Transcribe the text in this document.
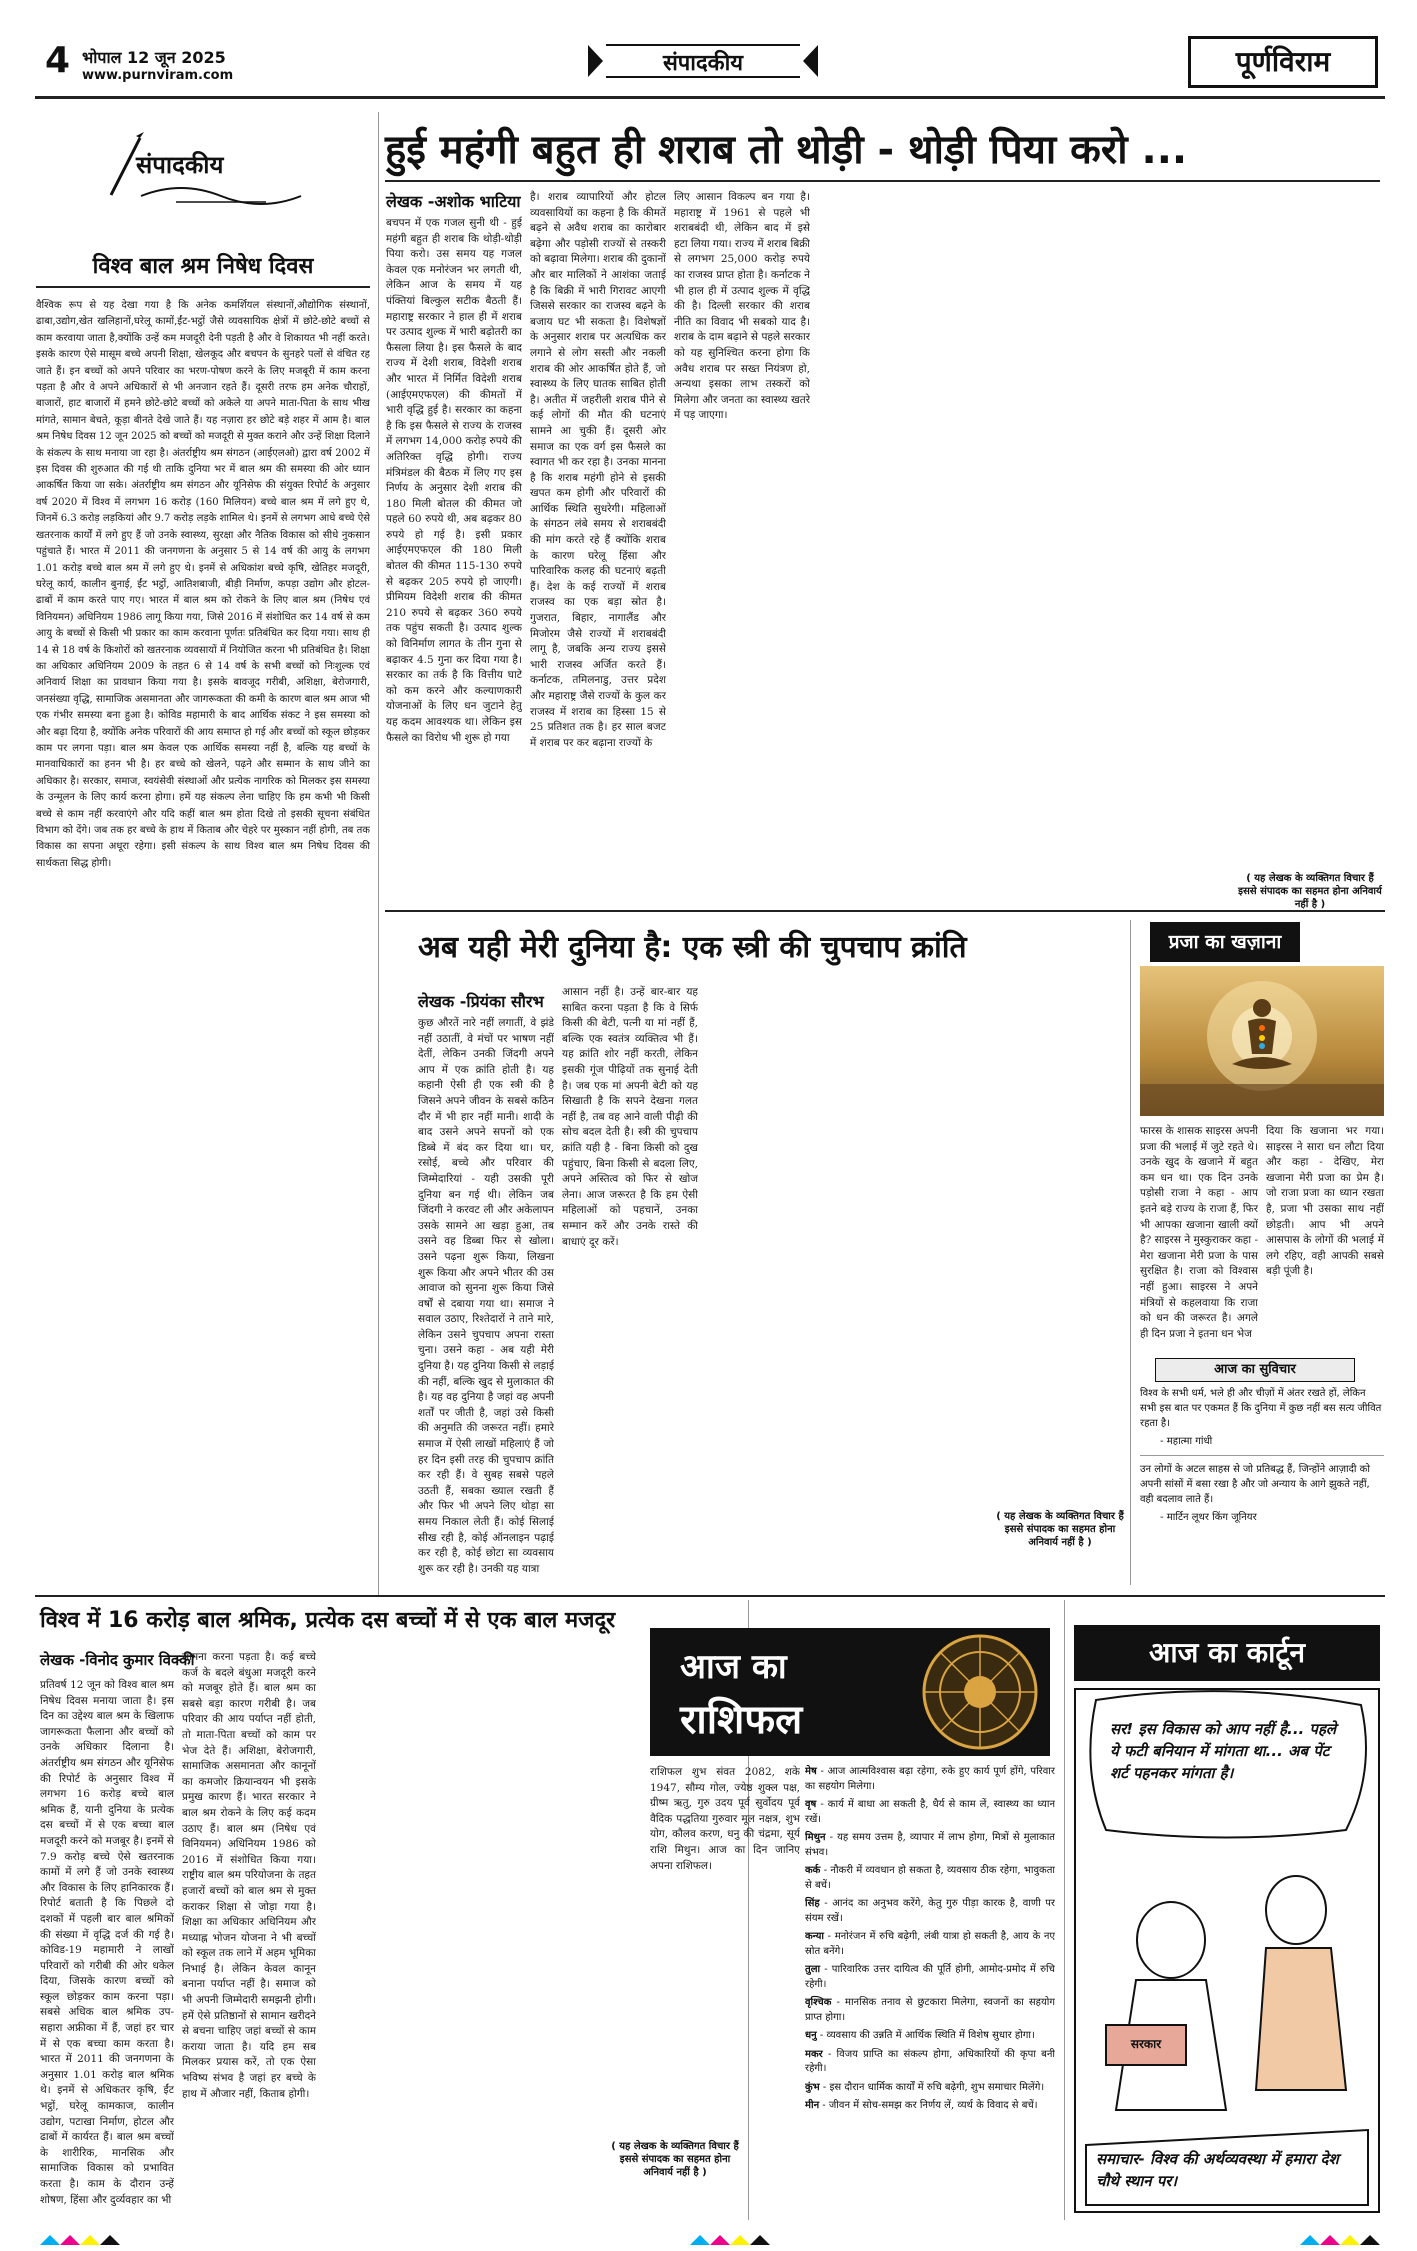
4 भोपाल 12 जून 2025
www.purnviram.com	संपादकीय	पूर्णविराम
संपादकीय
विश्व बाल श्रम निषेध दिवस
वैश्विक रूप से यह देखा गया है कि अनेक कमर्शियल संस्थानों,औद्योगिक संस्थानों, ढाबा,उद्योग,खेत खलिहानों,घरेलू कामों,ईंट-भट्ठों जैसे व्यवसायिक क्षेत्रों में छोटे-छोटे बच्चों से काम करवाया जाता है,क्योंकि उन्हें कम मजदूरी देनी पड़ती है और वे शिकायत भी नहीं करते। इसके कारण ऐसे मासूम बच्चे अपनी शिक्षा, खेलकूद और बचपन के सुनहरे पलों से वंचित रह जाते हैं। इन बच्चों को अपने परिवार का भरण-पोषण करने के लिए मजबूरी में काम करना पड़ता है और वे अपने अधिकारों से भी अनजान रहते हैं। दूसरी तरफ हम अनेक चौराहों, बाजारों, हाट बाजारों में हमने छोटे-छोटे बच्चों को अकेले या अपने माता-पिता के साथ भीख मांगते, सामान बेचते, कूड़ा बीनते देखे जाते हैं। यह नज़ारा हर छोटे बड़े शहर में आम है। बाल श्रम निषेध दिवस 12 जून 2025 को बच्चों को मजदूरी से मुक्त कराने और उन्हें शिक्षा दिलाने के संकल्प के साथ मनाया जा रहा है। अंतर्राष्ट्रीय श्रम संगठन (आईएलओ) द्वारा वर्ष 2002 में इस दिवस की शुरुआत की गई थी ताकि दुनिया भर में बाल श्रम की समस्या की ओर ध्यान आकर्षित किया जा सके। अंतर्राष्ट्रीय श्रम संगठन और यूनिसेफ की संयुक्त रिपोर्ट के अनुसार वर्ष 2020 में विश्व में लगभग 16 करोड़ (160 मिलियन) बच्चे बाल श्रम में लगे हुए थे, जिनमें 6.3 करोड़ लड़कियां और 9.7 करोड़ लड़के शामिल थे। इनमें से लगभग आधे बच्चे ऐसे खतरनाक कार्यों में लगे हुए हैं जो उनके स्वास्थ्य, सुरक्षा और नैतिक विकास को सीधे नुकसान पहुंचाते हैं। भारत में 2011 की जनगणना के अनुसार 5 से 14 वर्ष की आयु के लगभग 1.01 करोड़ बच्चे बाल श्रम में लगे हुए थे। इनमें से अधिकांश बच्चे कृषि, खेतिहर मजदूरी, घरेलू कार्य, कालीन बुनाई, ईंट भट्ठों, आतिशबाजी, बीड़ी निर्माण, कपड़ा उद्योग और होटल-ढाबों में काम करते पाए गए। भारत में बाल श्रम को रोकने के लिए बाल श्रम (निषेध एवं विनियमन) अधिनियम 1986 लागू किया गया, जिसे 2016 में संशोधित कर 14 वर्ष से कम आयु के बच्चों से किसी भी प्रकार का काम करवाना पूर्णतः प्रतिबंधित कर दिया गया। साथ ही 14 से 18 वर्ष के किशोरों को खतरनाक व्यवसायों में नियोजित करना भी प्रतिबंधित है। शिक्षा का अधिकार अधिनियम 2009 के तहत 6 से 14 वर्ष के सभी बच्चों को निःशुल्क एवं अनिवार्य शिक्षा का प्रावधान किया गया है। इसके बावजूद गरीबी, अशिक्षा, बेरोजगारी, जनसंख्या वृद्धि, सामाजिक असमानता और जागरूकता की कमी के कारण बाल श्रम आज भी एक गंभीर समस्या बना हुआ है। कोविड महामारी के बाद आर्थिक संकट ने इस समस्या को और बढ़ा दिया है, क्योंकि अनेक परिवारों की आय समाप्त हो गई और बच्चों को स्कूल छोड़कर काम पर लगना पड़ा। बाल श्रम केवल एक आर्थिक समस्या नहीं है, बल्कि यह बच्चों के मानवाधिकारों का हनन भी है। हर बच्चे को खेलने, पढ़ने और सम्मान के साथ जीने का अधिकार है। सरकार, समाज, स्वयंसेवी संस्थाओं और प्रत्येक नागरिक को मिलकर इस समस्या के उन्मूलन के लिए कार्य करना होगा। हमें यह संकल्प लेना चाहिए कि हम कभी भी किसी बच्चे से काम नहीं करवाएंगे और यदि कहीं बाल श्रम होता दिखे तो इसकी सूचना संबंधित विभाग को देंगे। जब तक हर बच्चे के हाथ में किताब और चेहरे पर मुस्कान नहीं होगी, तब तक विकास का सपना अधूरा रहेगा। इसी संकल्प के साथ विश्व बाल श्रम निषेध दिवस की सार्थकता सिद्ध होगी।
हुई महंगी बहुत ही शराब तो थोड़ी - थोड़ी पिया करो ...
लेखक -अशोक भाटिया
बचपन में एक गजल सुनी थी - हुई महंगी बहुत ही शराब कि थोड़ी-थोड़ी पिया करो। उस समय यह गजल केवल एक मनोरंजन भर लगती थी, लेकिन आज के समय में यह पंक्तियां बिल्कुल सटीक बैठती हैं। महाराष्ट्र सरकार ने हाल ही में शराब पर उत्पाद शुल्क में भारी बढ़ोतरी का फैसला लिया है। इस फैसले के बाद राज्य में देशी शराब, विदेशी शराब और भारत में निर्मित विदेशी शराब (आईएमएफएल) की कीमतों में भारी वृद्धि हुई है। सरकार का कहना है कि इस फैसले से राज्य के राजस्व में लगभग 14,000 करोड़ रुपये की अतिरिक्त वृद्धि होगी। राज्य मंत्रिमंडल की बैठक में लिए गए इस निर्णय के अनुसार देशी शराब की 180 मिली बोतल की कीमत जो पहले 60 रुपये थी, अब बढ़कर 80 रुपये हो गई है। इसी प्रकार आईएमएफएल की 180 मिली बोतल की कीमत 115-130 रुपये से बढ़कर 205 रुपये हो जाएगी। प्रीमियम विदेशी शराब की कीमत 210 रुपये से बढ़कर 360 रुपये तक पहुंच सकती है। उत्पाद शुल्क को विनिर्माण लागत के तीन गुना से बढ़ाकर 4.5 गुना कर दिया गया है। सरकार का तर्क है कि वित्तीय घाटे को कम करने और कल्याणकारी योजनाओं के लिए धन जुटाने हेतु यह कदम आवश्यक था। लेकिन इस फैसले का विरोध भी शुरू हो गया
है। शराब व्यापारियों और होटल व्यवसायियों का कहना है कि कीमतें बढ़ने से अवैध शराब का कारोबार बढ़ेगा और पड़ोसी राज्यों से तस्करी को बढ़ावा मिलेगा। शराब की दुकानों और बार मालिकों ने आशंका जताई है कि बिक्री में भारी गिरावट आएगी जिससे सरकार का राजस्व बढ़ने के बजाय घट भी सकता है। विशेषज्ञों के अनुसार शराब पर अत्यधिक कर लगाने से लोग सस्ती और नकली शराब की ओर आकर्षित होते हैं, जो स्वास्थ्य के लिए घातक साबित होती है। अतीत में जहरीली शराब पीने से कई लोगों की मौत की घटनाएं सामने आ चुकी हैं। दूसरी ओर समाज का एक वर्ग इस फैसले का स्वागत भी कर रहा है। उनका मानना है कि शराब महंगी होने से इसकी खपत कम होगी और परिवारों की आर्थिक स्थिति सुधरेगी। महिलाओं के संगठन लंबे समय से शराबबंदी की मांग करते रहे हैं क्योंकि शराब के कारण घरेलू हिंसा और पारिवारिक कलह की घटनाएं बढ़ती हैं। देश के कई राज्यों में शराब राजस्व का एक बड़ा स्रोत है। गुजरात, बिहार, नागालैंड और मिजोरम जैसे राज्यों में शराबबंदी लागू है, जबकि अन्य राज्य इससे भारी राजस्व अर्जित करते हैं। कर्नाटक, तमिलनाडु, उत्तर प्रदेश और महाराष्ट्र जैसे राज्यों के कुल कर राजस्व में शराब का हिस्सा 15 से 25 प्रतिशत तक है। हर साल बजट में शराब पर कर बढ़ाना राज्यों के
लिए आसान विकल्प बन गया है। महाराष्ट्र में 1961 से पहले भी शराबबंदी थी, लेकिन बाद में इसे हटा लिया गया। राज्य में शराब बिक्री से लगभग 25,000 करोड़ रुपये का राजस्व प्राप्त होता है। कर्नाटक ने भी हाल ही में उत्पाद शुल्क में वृद्धि की है। दिल्ली सरकार की शराब नीति का विवाद भी सबको याद है। शराब के दाम बढ़ाने से पहले सरकार को यह सुनिश्चित करना होगा कि अवैध शराब पर सख्त नियंत्रण हो, अन्यथा इसका लाभ तस्करों को मिलेगा और जनता का स्वास्थ्य खतरे में पड़ जाएगा।
( यह लेखक के व्यक्तिगत विचार हैं इससे संपादक का सहमत होना अनिवार्य नहीं है )
अब यही मेरी दुनिया है: एक स्त्री की चुपचाप क्रांति
लेखक -प्रियंका सौरभ
कुछ औरतें नारे नहीं लगातीं, वे झंडे नहीं उठातीं, वे मंचों पर भाषण नहीं देतीं, लेकिन उनकी जिंदगी अपने आप में एक क्रांति होती है। यह कहानी ऐसी ही एक स्त्री की है जिसने अपने जीवन के सबसे कठिन दौर में भी हार नहीं मानी। शादी के बाद उसने अपने सपनों को एक डिब्बे में बंद कर दिया था। घर, रसोई, बच्चे और परिवार की जिम्मेदारियां - यही उसकी पूरी दुनिया बन गई थी। लेकिन जब जिंदगी ने करवट ली और अकेलापन उसके सामने आ खड़ा हुआ, तब उसने वह डिब्बा फिर से खोला। उसने पढ़ना शुरू किया, लिखना शुरू किया और अपने भीतर की उस आवाज को सुनना शुरू किया जिसे वर्षों से दबाया गया था। समाज ने सवाल उठाए, रिश्तेदारों ने ताने मारे, लेकिन उसने चुपचाप अपना रास्ता चुना। उसने कहा - अब यही मेरी दुनिया है। यह दुनिया किसी से लड़ाई की नहीं, बल्कि खुद से मुलाकात की है। यह वह दुनिया है जहां वह अपनी शर्तों पर जीती है, जहां उसे किसी की अनुमति की जरूरत नहीं। हमारे समाज में ऐसी लाखों महिलाएं हैं जो हर दिन इसी तरह की चुपचाप क्रांति कर रही हैं। वे सुबह सबसे पहले उठती हैं, सबका ख्याल रखती हैं और फिर भी अपने लिए थोड़ा सा समय निकाल लेती हैं। कोई सिलाई सीख रही है, कोई ऑनलाइन पढ़ाई कर रही है, कोई छोटा सा व्यवसाय शुरू कर रही है। उनकी यह यात्रा
आसान नहीं है। उन्हें बार-बार यह साबित करना पड़ता है कि वे सिर्फ किसी की बेटी, पत्नी या मां नहीं हैं, बल्कि एक स्वतंत्र व्यक्तित्व भी हैं। यह क्रांति शोर नहीं करती, लेकिन इसकी गूंज पीढ़ियों तक सुनाई देती है। जब एक मां अपनी बेटी को यह सिखाती है कि सपने देखना गलत नहीं है, तब वह आने वाली पीढ़ी की सोच बदल देती है। स्त्री की चुपचाप क्रांति यही है - बिना किसी को दुख पहुंचाए, बिना किसी से बदला लिए, अपने अस्तित्व को फिर से खोज लेना। आज जरूरत है कि हम ऐसी महिलाओं को पहचानें, उनका सम्मान करें और उनके रास्ते की बाधाएं दूर करें।
( यह लेखक के व्यक्तिगत विचार हैं इससे संपादक का सहमत होना अनिवार्य नहीं है )
प्रजा का खज़ाना
फारस के शासक साइरस अपनी प्रजा की भलाई में जुटे रहते थे। उनके खुद के खजाने में बहुत कम धन था। एक दिन उनके पड़ोसी राजा ने कहा - आप इतने बड़े राज्य के राजा हैं, फिर भी आपका खजाना खाली क्यों है? साइरस ने मुस्कुराकर कहा - मेरा खजाना मेरी प्रजा के पास सुरक्षित है। राजा को विश्वास नहीं हुआ। साइरस ने अपने मंत्रियों से कहलवाया कि राजा को धन की जरूरत है। अगले ही दिन प्रजा ने इतना धन भेज
दिया कि खजाना भर गया। साइरस ने सारा धन लौटा दिया और कहा - देखिए, मेरा खजाना मेरी प्रजा का प्रेम है। जो राजा प्रजा का ध्यान रखता है, प्रजा भी उसका साथ नहीं छोड़ती। आप भी अपने आसपास के लोगों की भलाई में लगे रहिए, वही आपकी सबसे बड़ी पूंजी है।
आज का सुविचार
विश्व के सभी धर्म, भले ही और चीज़ों में अंतर रखते हों, लेकिन सभी इस बात पर एकमत हैं कि दुनिया में कुछ नहीं बस सत्य जीवित रहता है।
- महात्मा गांधी
उन लोगों के अटल साहस से जो प्रतिबद्ध हैं, जिन्होंने आज़ादी को अपनी सांसों में बसा रखा है और जो अन्याय के आगे झुकते नहीं, वही बदलाव लाते हैं।
- मार्टिन लूथर किंग जूनियर
विश्व में 16 करोड़ बाल श्रमिक, प्रत्येक दस बच्चों में से एक बाल मजदूर
लेखक -विनोद कुमार विक्की
प्रतिवर्ष 12 जून को विश्व बाल श्रम निषेध दिवस मनाया जाता है। इस दिन का उद्देश्य बाल श्रम के खिलाफ जागरूकता फैलाना और बच्चों को उनके अधिकार दिलाना है। अंतर्राष्ट्रीय श्रम संगठन और यूनिसेफ की रिपोर्ट के अनुसार विश्व में लगभग 16 करोड़ बच्चे बाल श्रमिक हैं, यानी दुनिया के प्रत्येक दस बच्चों में से एक बच्चा बाल मजदूरी करने को मजबूर है। इनमें से 7.9 करोड़ बच्चे ऐसे खतरनाक कामों में लगे हैं जो उनके स्वास्थ्य और विकास के लिए हानिकारक हैं। रिपोर्ट बताती है कि पिछले दो दशकों में पहली बार बाल श्रमिकों की संख्या में वृद्धि दर्ज की गई है। कोविड-19 महामारी ने लाखों परिवारों को गरीबी की ओर धकेल दिया, जिसके कारण बच्चों को स्कूल छोड़कर काम करना पड़ा। सबसे अधिक बाल श्रमिक उप-सहारा अफ्रीका में हैं, जहां हर चार में से एक बच्चा काम करता है। भारत में 2011 की जनगणना के अनुसार 1.01 करोड़ बाल श्रमिक थे। इनमें से अधिकतर कृषि, ईंट भट्ठों, घरेलू कामकाज, कालीन उद्योग, पटाखा निर्माण, होटल और ढाबों में कार्यरत हैं। बाल श्रम बच्चों के शारीरिक, मानसिक और सामाजिक विकास को प्रभावित करता है। काम के दौरान उन्हें शोषण, हिंसा और दुर्व्यवहार का भी
सामना करना पड़ता है। कई बच्चे कर्ज के बदले बंधुआ मजदूरी करने को मजबूर होते हैं। बाल श्रम का सबसे बड़ा कारण गरीबी है। जब परिवार की आय पर्याप्त नहीं होती, तो माता-पिता बच्चों को काम पर भेज देते हैं। अशिक्षा, बेरोजगारी, सामाजिक असमानता और कानूनों का कमजोर क्रियान्वयन भी इसके प्रमुख कारण हैं। भारत सरकार ने बाल श्रम रोकने के लिए कई कदम उठाए हैं। बाल श्रम (निषेध एवं विनियमन) अधिनियम 1986 को 2016 में संशोधित किया गया। राष्ट्रीय बाल श्रम परियोजना के तहत हजारों बच्चों को बाल श्रम से मुक्त कराकर शिक्षा से जोड़ा गया है। शिक्षा का अधिकार अधिनियम और मध्याह्न भोजन योजना ने भी बच्चों को स्कूल तक लाने में अहम भूमिका निभाई है। लेकिन केवल कानून बनाना पर्याप्त नहीं है। समाज को भी अपनी जिम्मेदारी समझनी होगी। हमें ऐसे प्रतिष्ठानों से सामान खरीदने से बचना चाहिए जहां बच्चों से काम कराया जाता है। यदि हम सब मिलकर प्रयास करें, तो एक ऐसा भविष्य संभव है जहां हर बच्चे के हाथ में औजार नहीं, किताब होगी।
( यह लेखक के व्यक्तिगत विचार हैं इससे संपादक का सहमत होना अनिवार्य नहीं है )
आज का
राशिफल
राशिफल शुभ संवत 2082, शके 1947, सौम्य गोल, ज्येष्ठ शुक्ल पक्ष, ग्रीष्म ऋतु, गुरु उदय पूर्व सुर्वोदय पूर्व वैदिक पद्धतिया गुरुवार मूल नक्षत्र, शुभ योग, कौलव करण, धनु की चंद्रमा, सूर्य राशि मिथुन। आज का दिन जानिए अपना राशिफल।
मेष - आज आत्मविश्वास बढ़ा रहेगा, रुके हुए कार्य पूर्ण होंगे, परिवार का सहयोग मिलेगा।
वृष - कार्य में बाधा आ सकती है, धैर्य से काम लें, स्वास्थ्य का ध्यान रखें।
मिथुन - यह समय उत्तम है, व्यापार में लाभ होगा, मित्रों से मुलाकात संभव।
कर्क - नौकरी में व्यवधान हो सकता है, व्यवसाय ठीक रहेगा, भावुकता से बचें।
सिंह - आनंद का अनुभव करेंगे, केतु गुरु पीड़ा कारक है, वाणी पर संयम रखें।
कन्या - मनोरंजन में रुचि बढ़ेगी, लंबी यात्रा हो सकती है, आय के नए स्रोत बनेंगे।
तुला - पारिवारिक उत्तर दायित्व की पूर्ति होगी, आमोद-प्रमोद में रुचि रहेगी।
वृश्चिक - मानसिक तनाव से छुटकारा मिलेगा, स्वजनों का सहयोग प्राप्त होगा।
धनु - व्यवसाय की उन्नति में आर्थिक स्थिति में विशेष सुधार होगा।
मकर - विजय प्राप्ति का संकल्प होगा, अधिकारियों की कृपा बनी रहेगी।
कुंभ - इस दौरान धार्मिक कार्यों में रुचि बढ़ेगी, शुभ समाचार मिलेंगे।
मीन - जीवन में सोच-समझ कर निर्णय लें, व्यर्थ के विवाद से बचें।
आज का कार्टून
सर! इस विकास को आप नहीं है... पहले ये फटी बनियान में मांगता था... अब पेंट शर्ट पहनकर मांगता है।
सरकार
समाचार- विश्व की अर्थव्यवस्था में हमारा देश चौथे स्थान पर।
